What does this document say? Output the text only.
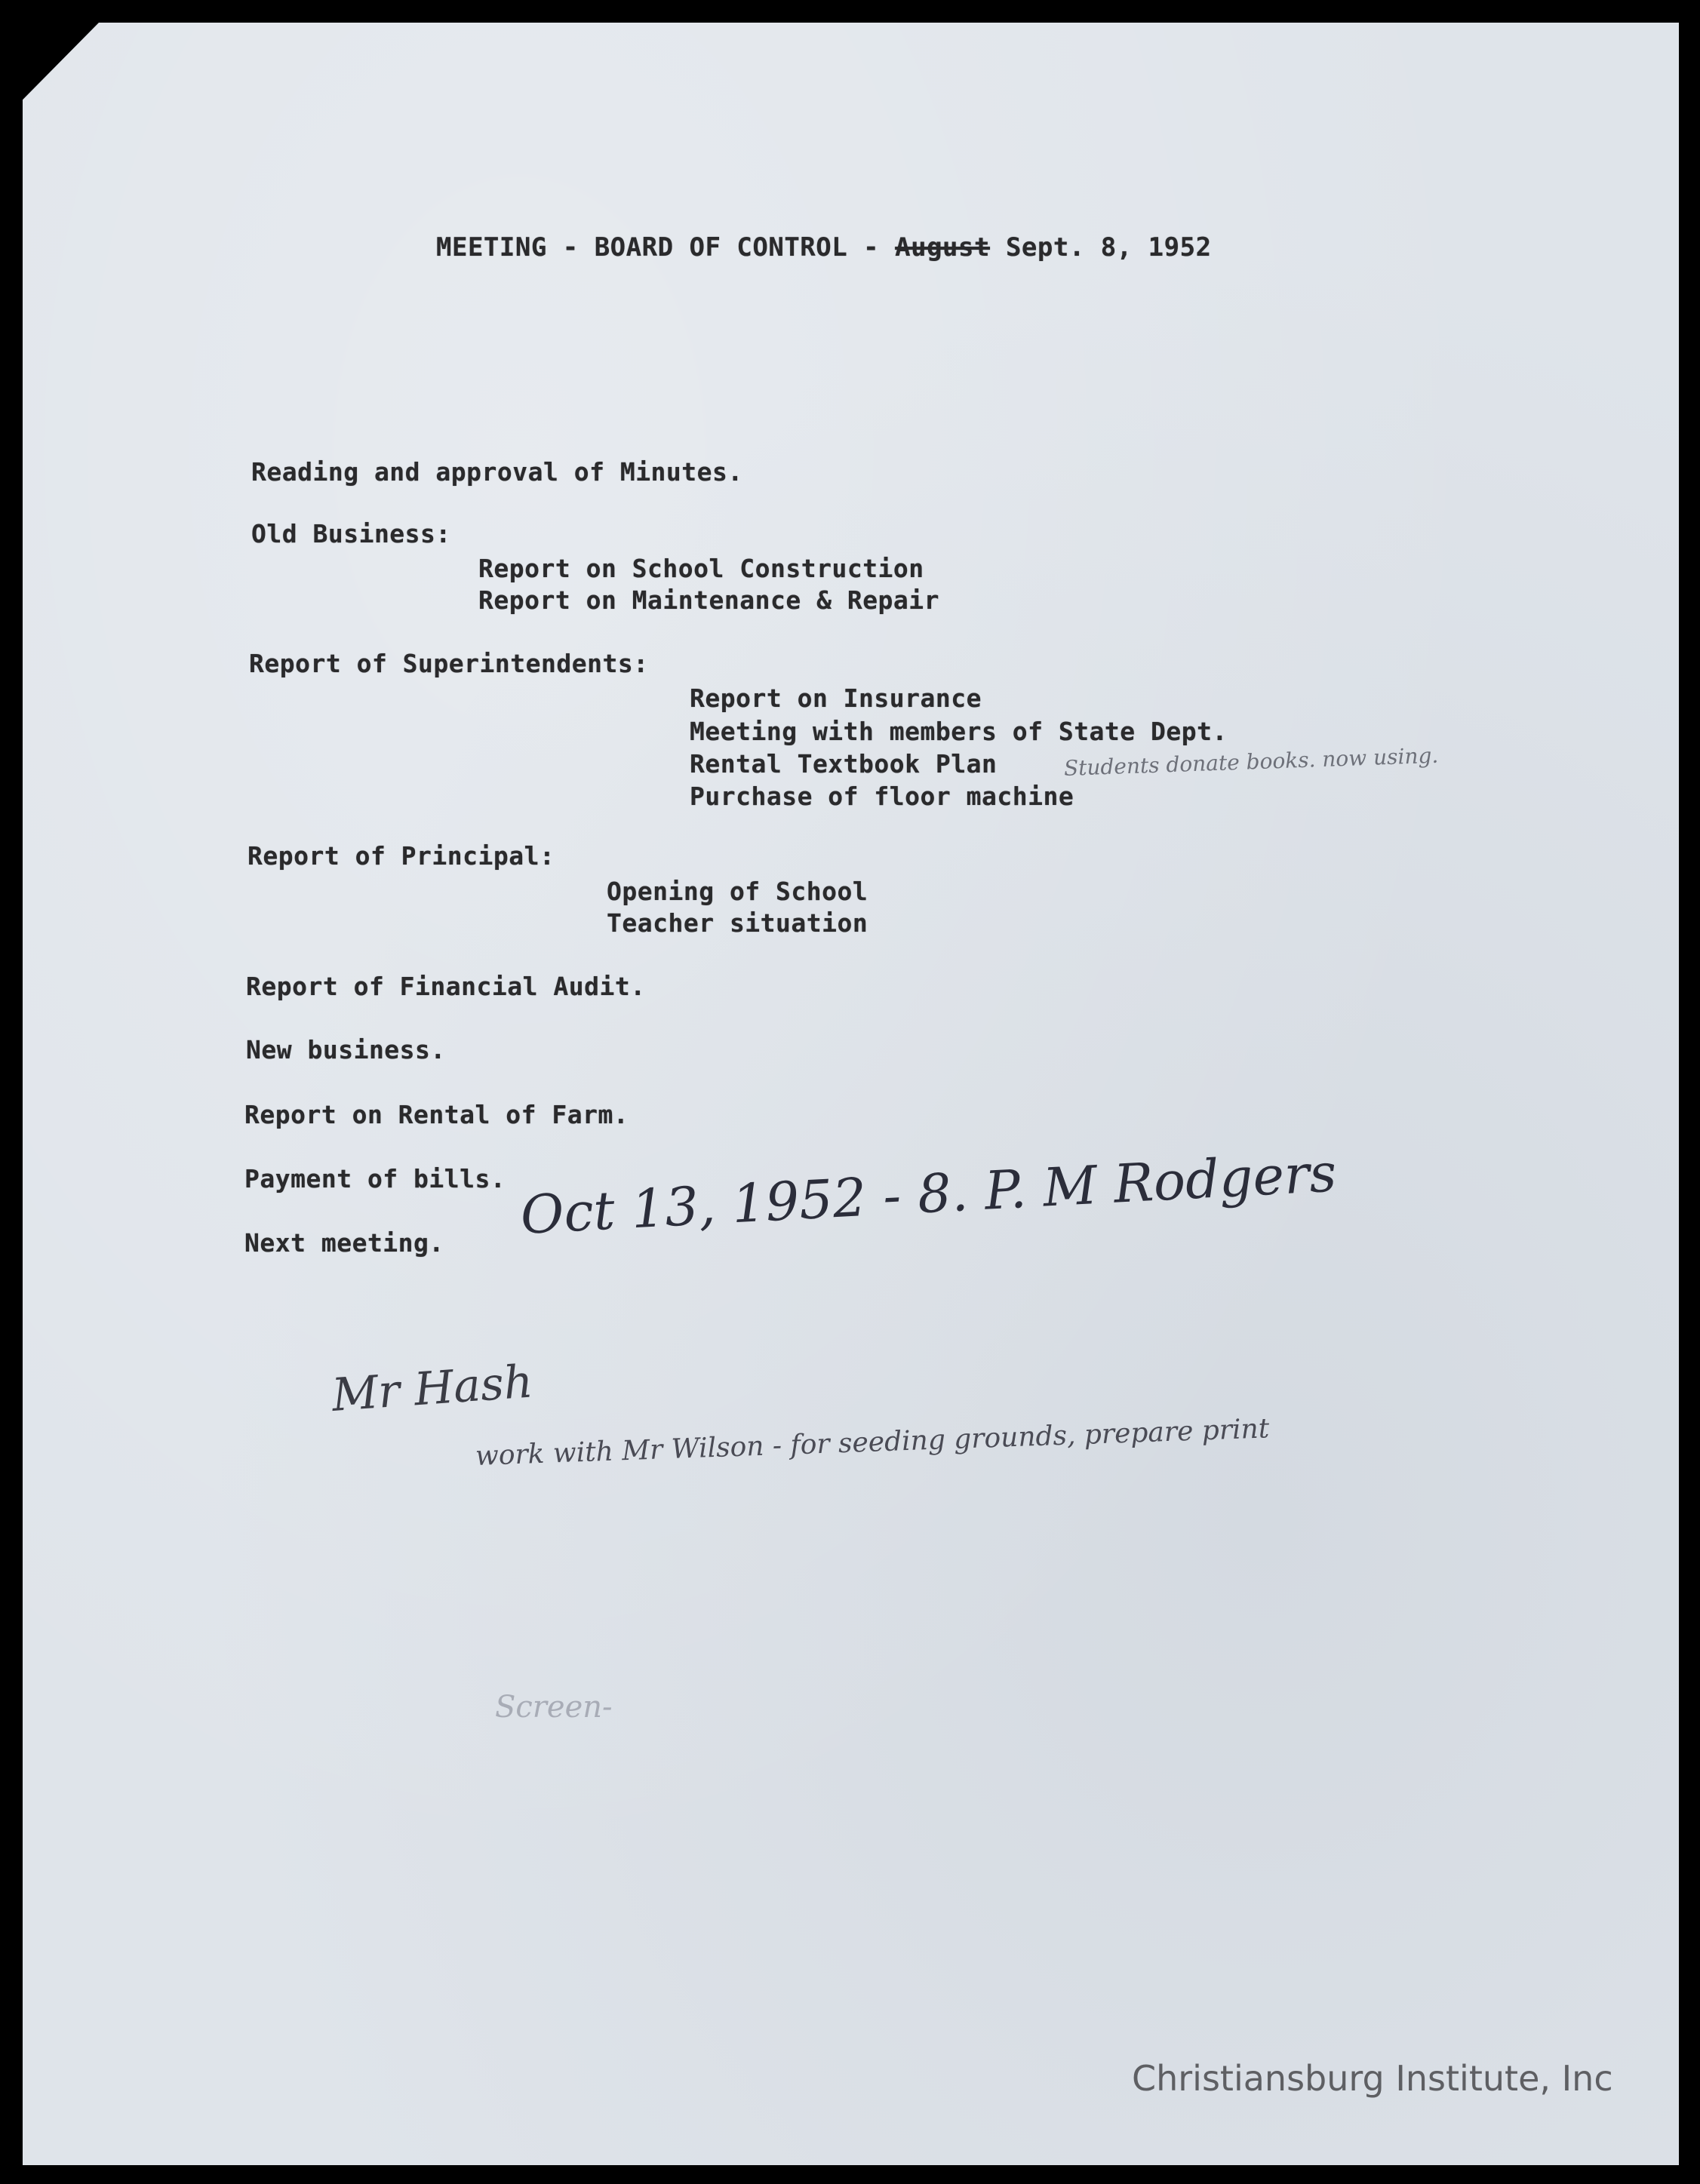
MEETING - BOARD OF CONTROL - August Sept. 8, 1952
Reading and approval of Minutes.
Old Business:
Report on School Construction
Report on Maintenance & Repair
Report of Superintendents:
Report on Insurance
Meeting with members of State Dept.
Rental Textbook Plan	Students donate books. now using.
Purchase of floor machine
Report of Principal:
Opening of School
Teacher situation
Report of Financial Audit.
New business.
Report on Rental of Farm.
Payment of bills.
Next meeting. Oct 13, 1952 - 8. P. M Rodgers
Mr Hash
work with Mr Wilson - for seeding grounds, prepare print
Screen-
Christiansburg Institute, Inc
